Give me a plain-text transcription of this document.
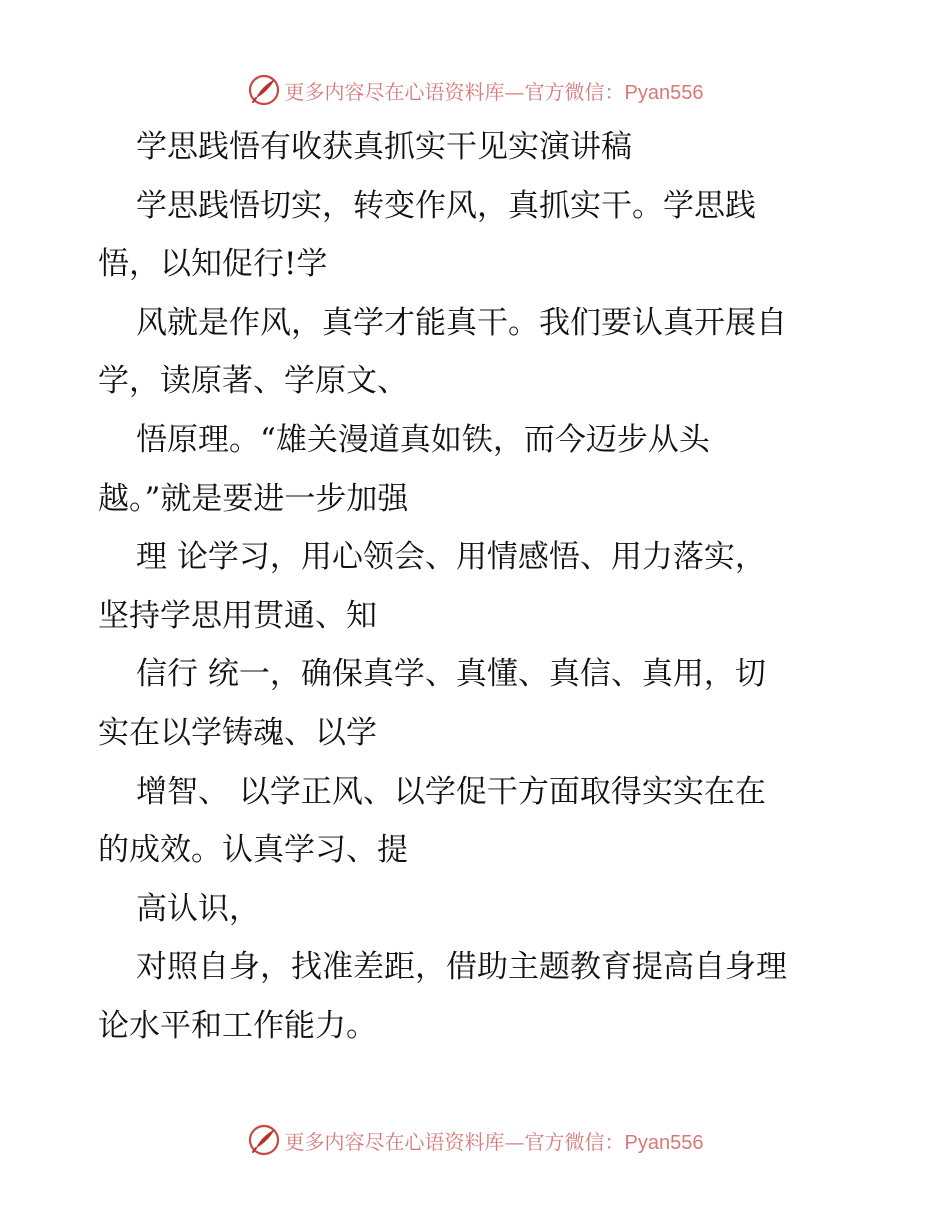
更多内容尽在心语资料库—官方微信：Pyan556
学思践悟有收获真抓实干见实演讲稿
学思践悟切实，转变作风，真抓实干。学思践
悟，以知促行!学
风就是作风，真学才能真干。我们要认真开展自
学，读原著、学原文、
悟原理。“雄关漫道真如铁，而今迈步从头
越。”就是要进一步加强
理 论学习，用心领会、用情感悟、用力落实，
坚持学思用贯通、知
信行 统一，确保真学、真懂、真信、真用，切
实在以学铸魂、以学
增智、 以学正风、以学促干方面取得实实在在
的成效。认真学习、提
高认识，
对照自身，找准差距，借助主题教育提高自身理
论水平和工作能力。
更多内容尽在心语资料库—官方微信：Pyan556
